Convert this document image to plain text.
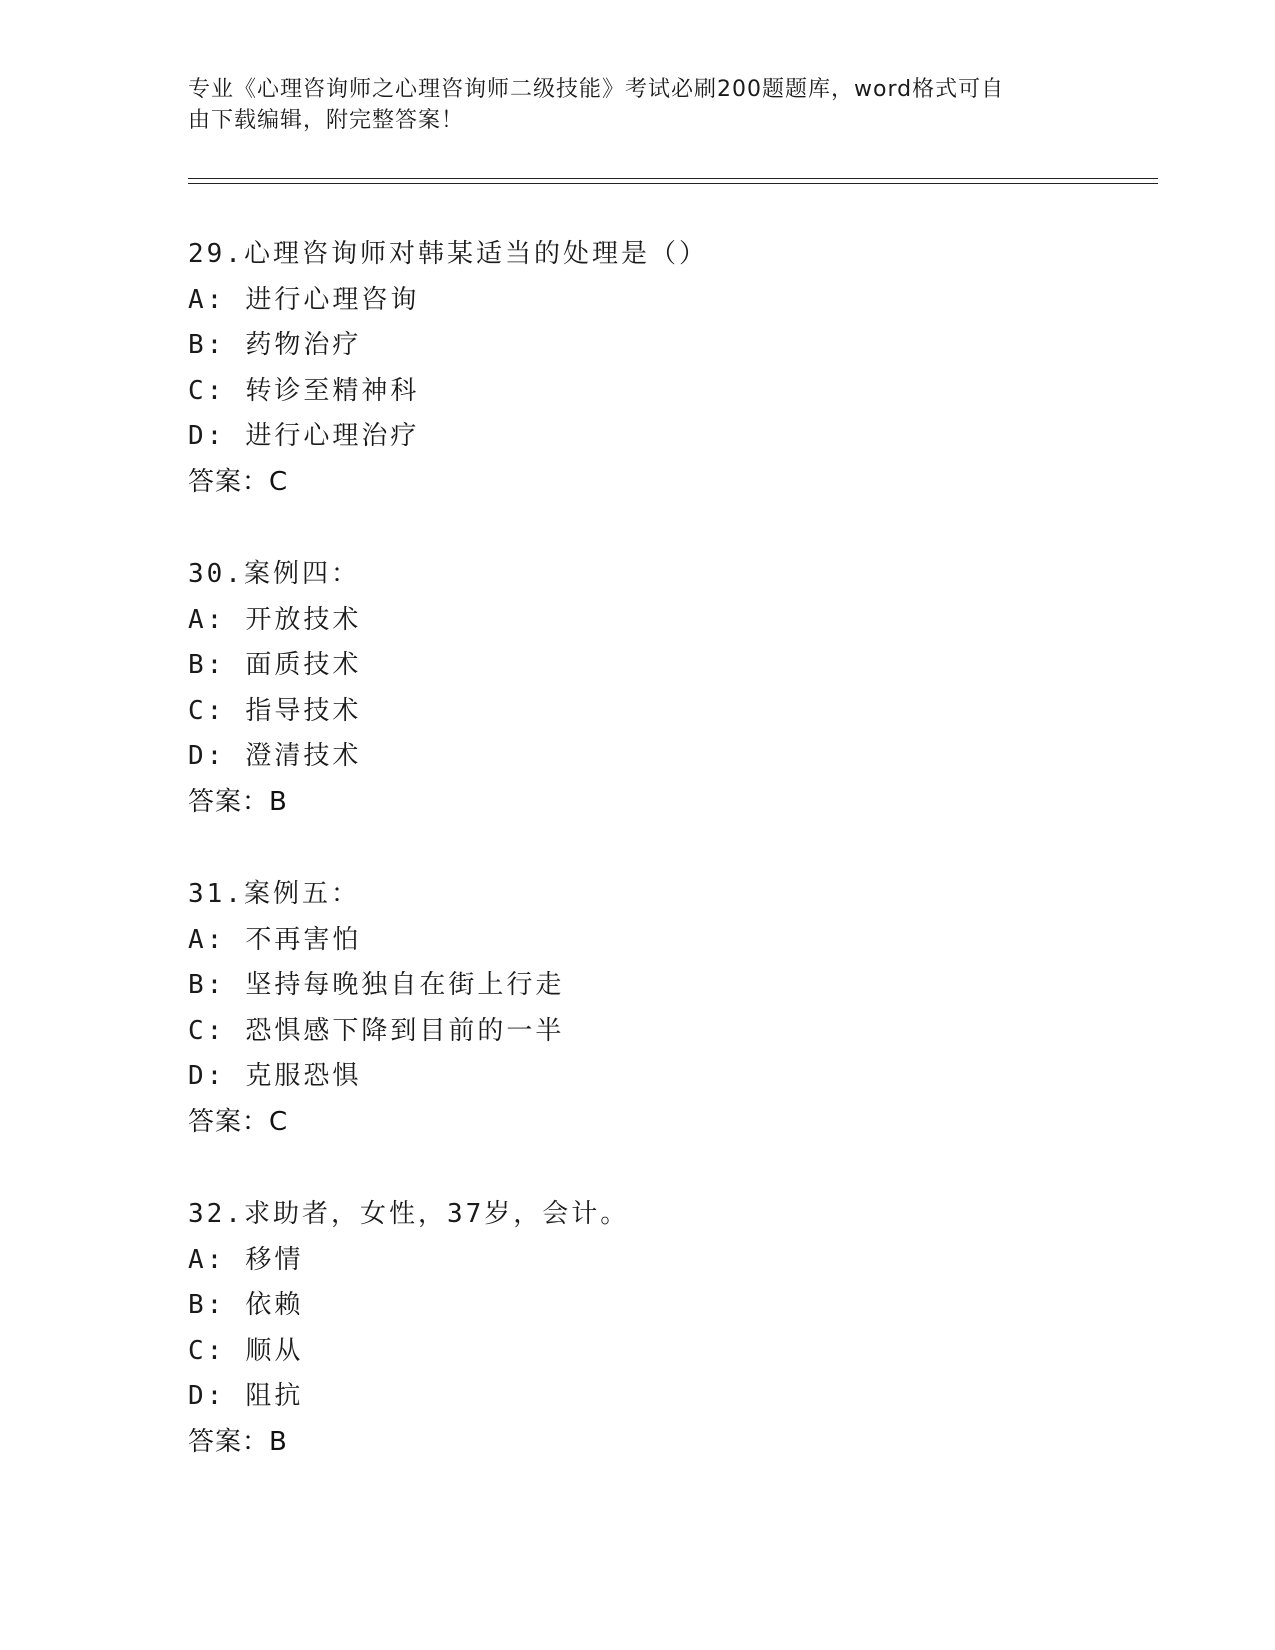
专业《心理咨询师之心理咨询师二级技能》考试必刷200题题库，word格式可自
由下载编辑，附完整答案！
29.心理咨询师对韩某适当的处理是（）
A: 进行心理咨询
B: 药物治疗
C: 转诊至精神科
D: 进行心理治疗
答案：C
30.案例四：
A: 开放技术
B: 面质技术
C: 指导技术
D: 澄清技术
答案：B
31.案例五：
A: 不再害怕
B: 坚持每晚独自在街上行走
C: 恐惧感下降到目前的一半
D: 克服恐惧
答案：C
32.求助者，女性，37岁，会计。
A: 移情
B: 依赖
C: 顺从
D: 阻抗
答案：B
